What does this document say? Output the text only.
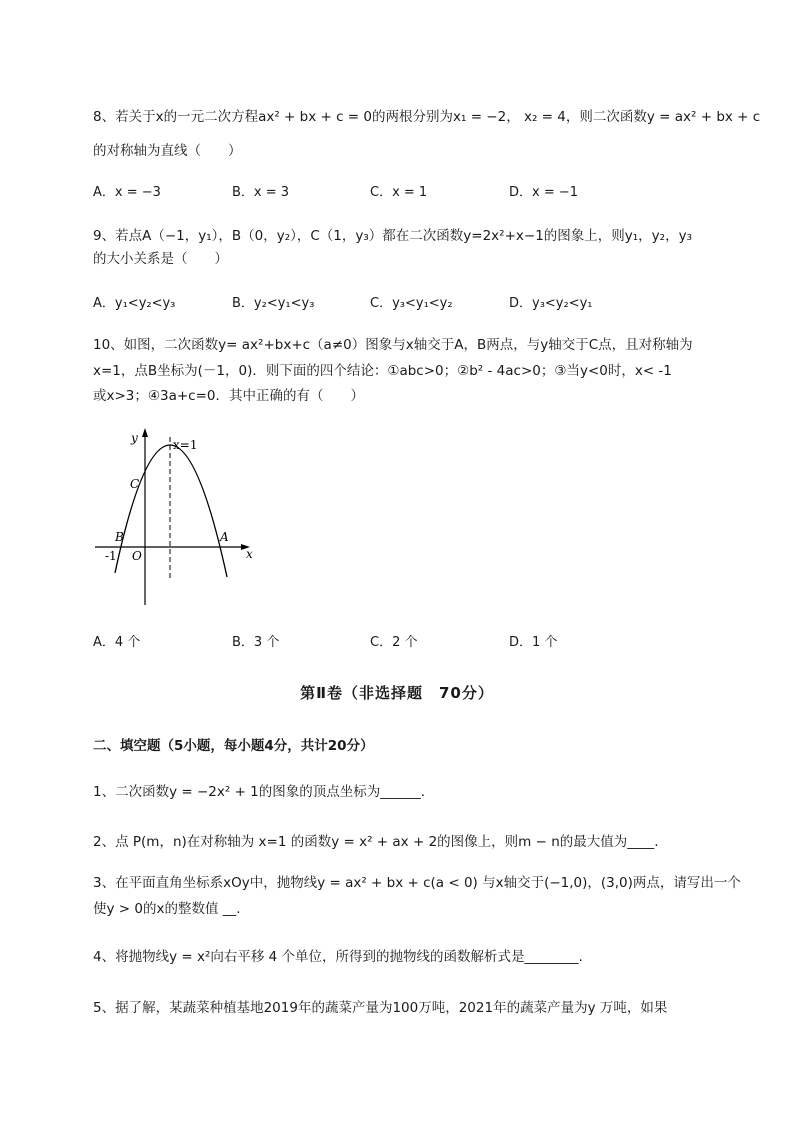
8、若关于x的一元二次方程ax² + bx + c = 0的两根分别为x₁ = −2， x₂ = 4，则二次函数y = ax² + bx + c
的对称轴为直线（　　）
A．x = −3	B．x = 3	C．x = 1	D．x = −1
9、若点A（−1，y₁），B（0，y₂），C（1，y₃）都在二次函数y=2x²+x−1的图象上，则y₁，y₂，y₃
的大小关系是（　　）
A．y₁<y₂<y₃	B．y₂<y₁<y₃	C．y₃<y₁<y₂	D．y₃<y₂<y₁
10、如图，二次函数y= ax²+bx+c（a≠0）图象与x轴交于A，B两点，与y轴交于C点，且对称轴为
x=1，点B坐标为(－1，0)．则下面的四个结论：①abc>0；②b² - 4ac>0；③当y<0时，x< -1
或x>3；④3a+c=0．其中正确的有（　　）
y	x=1
C
B	A
-1 O	x
A．4 个	B．3 个	C．2 个	D．1 个
第Ⅱ卷（非选择题　70分）
二、填空题（5小题，每小题4分，共计20分）
1、二次函数y = −2x² + 1的图象的顶点坐标为______.
2、点 P(m，n)在对称轴为 x=1 的函数y = x² + ax + 2的图像上，则m − n的最大值为____.
3、在平面直角坐标系xOy中，抛物线y = ax² + bx + c(a < 0) 与x轴交于(−1,0)，(3,0)两点，请写出一个
使y > 0的x的整数值 __.
4、将抛物线y = x²向右平移 4 个单位，所得到的抛物线的函数解析式是________.
5、据了解，某蔬菜种植基地2019年的蔬菜产量为100万吨，2021年的蔬菜产量为y 万吨，如果
